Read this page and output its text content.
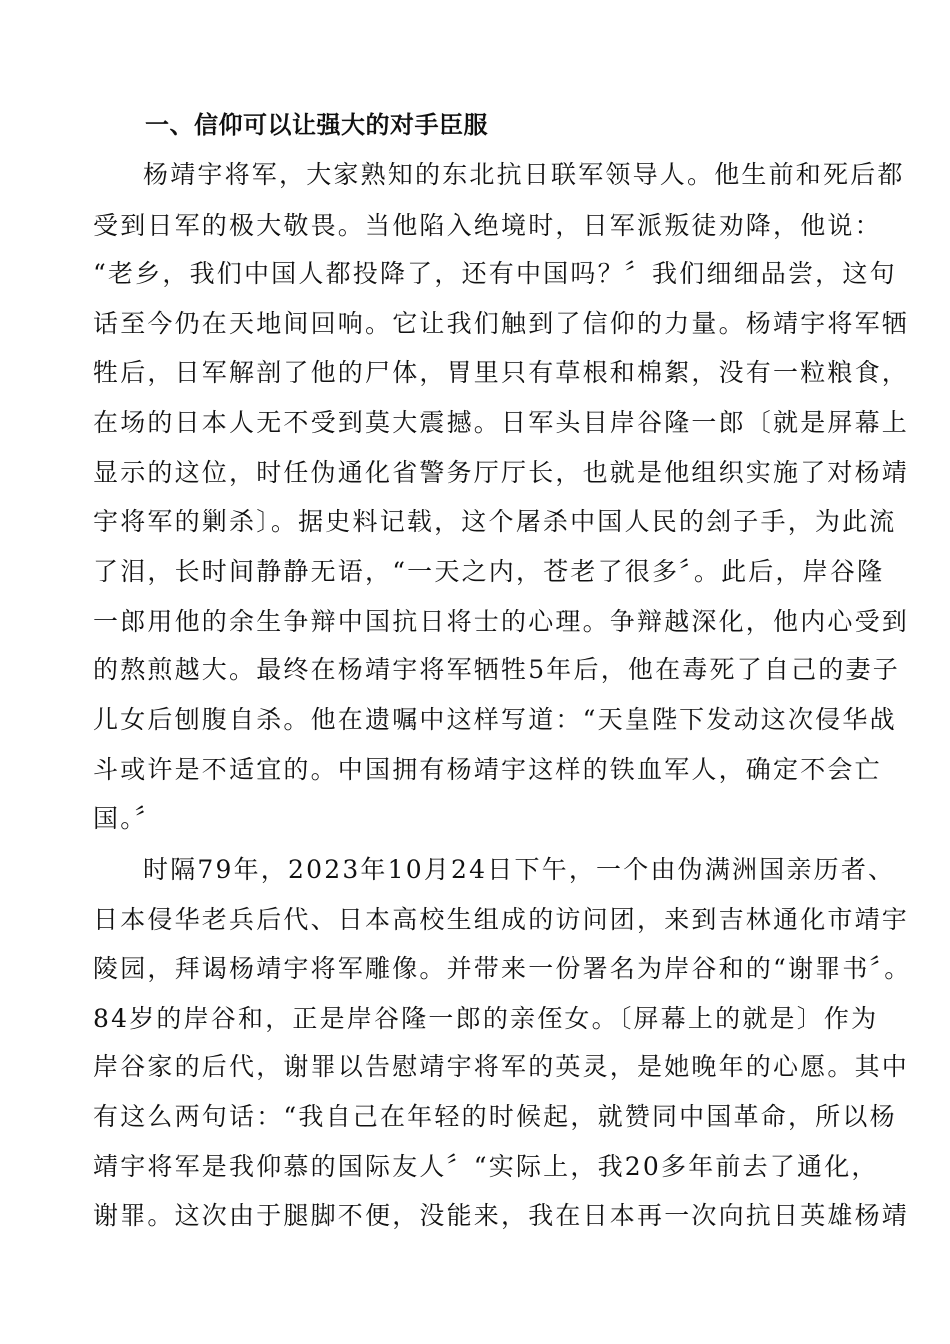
一、信仰可以让强大的对手臣服
杨靖宇将军，大家熟知的东北抗日联军领导人。他生前和死后都
受到日军的极大敬畏。当他陷入绝境时，日军派叛徒劝降，他说：
“老乡，我们中国人都投降了，还有中国吗？〞我们细细品尝，这句
话至今仍在天地间回响。它让我们触到了信仰的力量。杨靖宇将军牺
牲后，日军解剖了他的尸体，胃里只有草根和棉絮，没有一粒粮食，
在场的日本人无不受到莫大震撼。日军头目岸谷隆一郎〔就是屏幕上
显示的这位，时任伪通化省警务厅厅长，也就是他组织实施了对杨靖
宇将军的剿杀〕。据史料记载，这个屠杀中国人民的刽子手，为此流
了泪，长时间静静无语，“一天之内，苍老了很多〞。此后，岸谷隆
一郎用他的余生争辩中国抗日将士的心理。争辩越深化，他内心受到
的熬煎越大。最终在杨靖宇将军牺牲5年后，他在毒死了自己的妻子
儿女后刨腹自杀。他在遗嘱中这样写道：“天皇陛下发动这次侵华战
斗或许是不适宜的。中国拥有杨靖宇这样的铁血军人，确定不会亡
国。〞
时隔79年，2023年10月24日下午，一个由伪满洲国亲历者、
日本侵华老兵后代、日本高校生组成的访问团，来到吉林通化市靖宇
陵园，拜谒杨靖宇将军雕像。并带来一份署名为岸谷和的“谢罪书〞。
84岁的岸谷和，正是岸谷隆一郎的亲侄女。〔屏幕上的就是〕作为
岸谷家的后代，谢罪以告慰靖宇将军的英灵，是她晚年的心愿。其中
有这么两句话：“我自己在年轻的时候起，就赞同中国革命，所以杨
靖宇将军是我仰慕的国际友人〞“实际上，我20多年前去了通化，
谢罪。这次由于腿脚不便，没能来，我在日本再一次向抗日英雄杨靖
